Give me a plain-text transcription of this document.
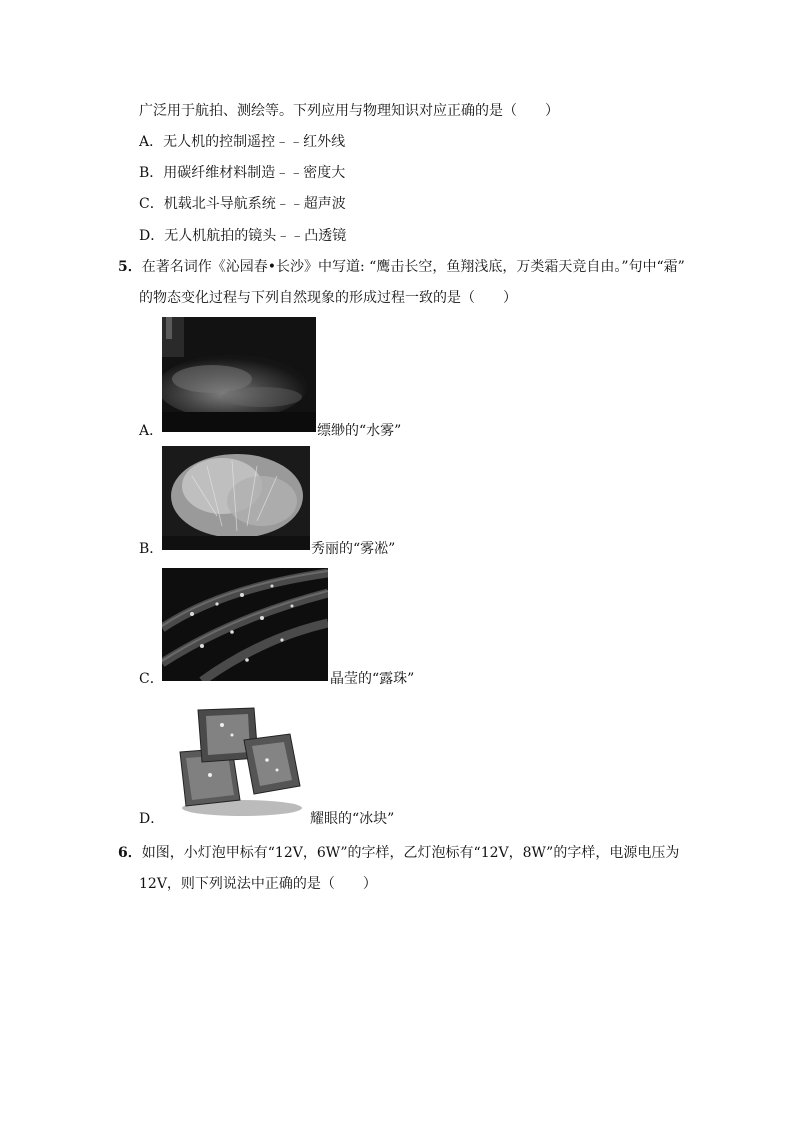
广泛用于航拍、测绘等。下列应用与物理知识对应正确的是（　　）
A．无人机的控制遥控﹣﹣红外线
B．用碳纤维材料制造﹣﹣密度大
C．机载北斗导航系统﹣﹣超声波
D．无人机航拍的镜头﹣﹣凸透镜
5．在著名词作《沁园春•长沙》中写道: “鹰击长空，鱼翔浅底，万类霜天竞自由。”句中“霜”
的物态变化过程与下列自然现象的形成过程一致的是（　　）
A．	缥缈的“水雾”
B．	秀丽的“雾凇”
C．	晶莹的“露珠”
D．	耀眼的“冰块”
6．如图，小灯泡甲标有“12V，6W”的字样，乙灯泡标有“12V，8W”的字样，电源电压为
12V，则下列说法中正确的是（　　）
